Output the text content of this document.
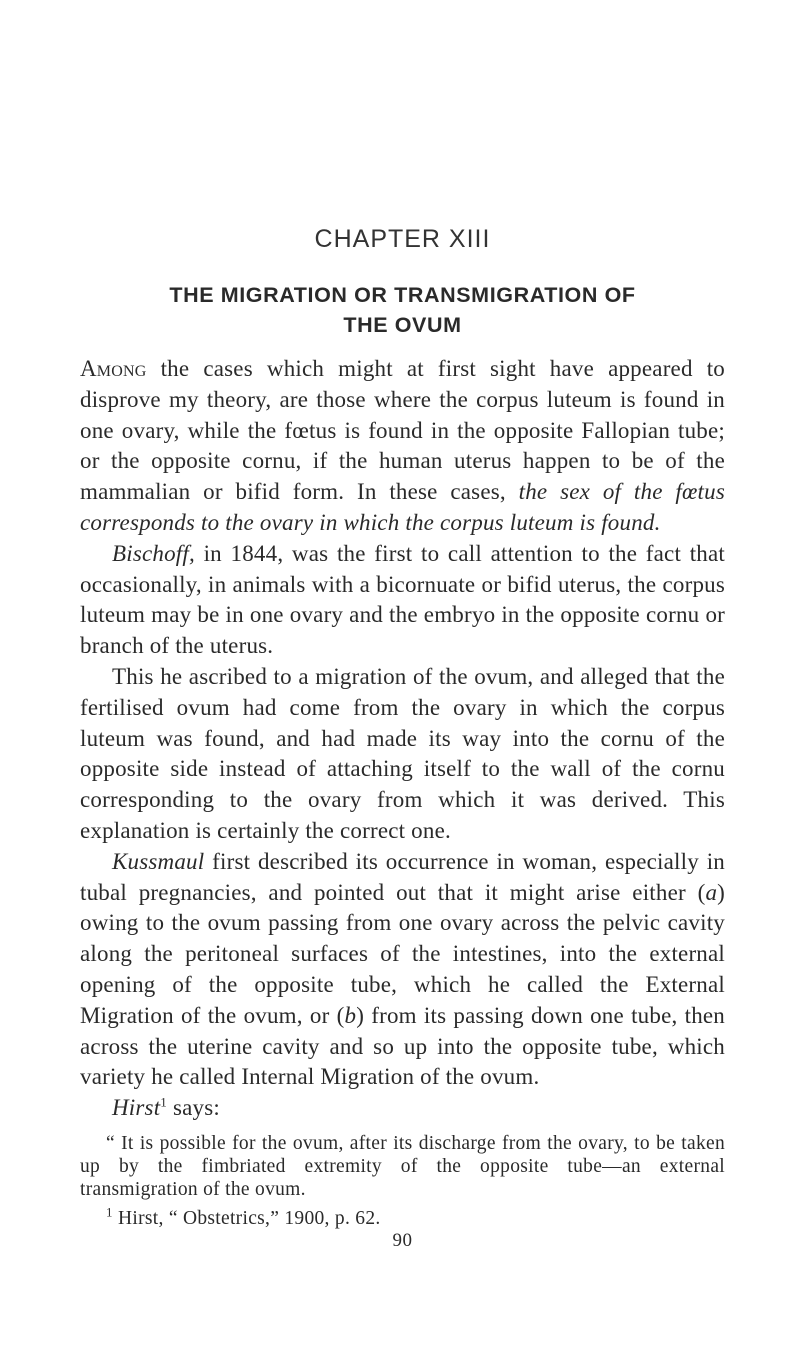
CHAPTER XIII
THE MIGRATION OR TRANSMIGRATION OF
THE OVUM

Among the cases which might at first sight have appeared to disprove my theory, are those where the corpus luteum is found in one ovary, while the fœtus is found in the opposite Fallopian tube; or the opposite cornu, if the human uterus happen to be of the mammalian or bifid form. In these cases, the sex of the fœtus corresponds to the ovary in which the corpus luteum is found.

Bischoff, in 1844, was the first to call attention to the fact that occasionally, in animals with a bicornuate or bifid uterus, the corpus luteum may be in one ovary and the embryo in the opposite cornu or branch of the uterus.

This he ascribed to a migration of the ovum, and alleged that the fertilised ovum had come from the ovary in which the corpus luteum was found, and had made its way into the cornu of the opposite side instead of attaching itself to the wall of the cornu corresponding to the ovary from which it was derived. This explanation is certainly the correct one.

Kussmaul first described its occurrence in woman, especially in tubal pregnancies, and pointed out that it might arise either (a) owing to the ovum passing from one ovary across the pelvic cavity along the peritoneal surfaces of the intestines, into the external opening of the opposite tube, which he called the External Migration of the ovum, or (b) from its passing down one tube, then across the uterine cavity and so up into the opposite tube, which variety he called Internal Migration of the ovum.

Hirst$^1$ says:

“ It is possible for the ovum, after its discharge from the ovary, to be taken up by the fimbriated extremity of the opposite tube—an external transmigration of the ovum.

$^1$ Hirst, “ Obstetrics,” 1900, p. 62.

90
